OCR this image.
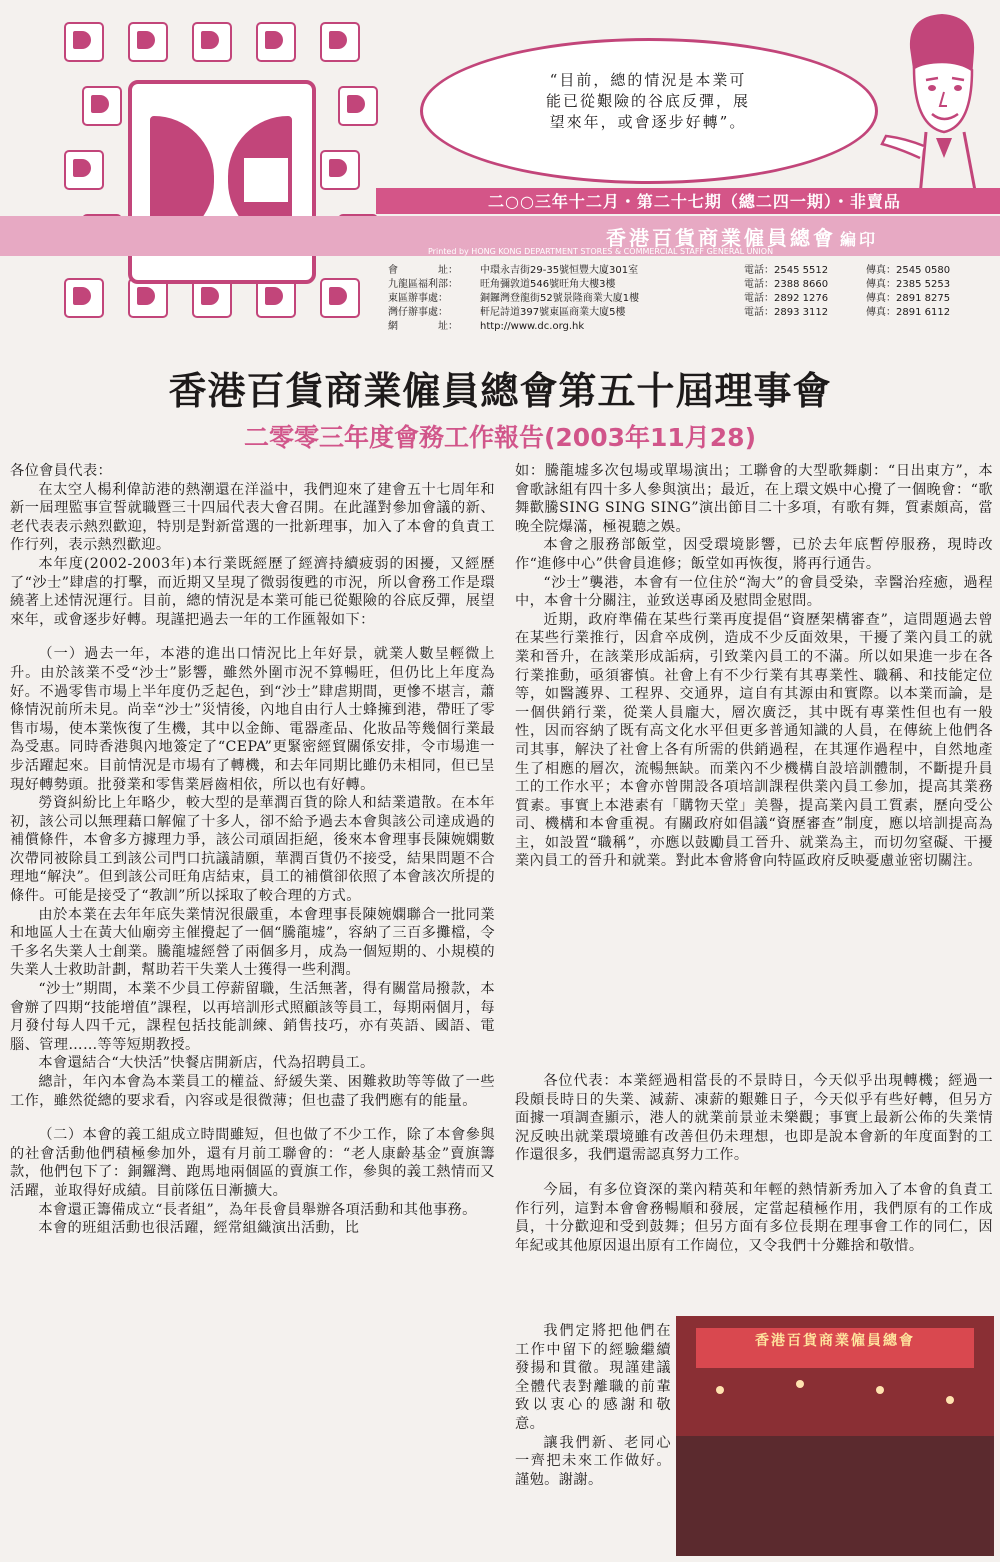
“目前，總的情況是本業可
能已從艱險的谷底反彈，展
望來年，或會逐步好轉”。
二○○三年十二月・第二十七期（總二四一期）・非賣品
香港百貨商業僱員總會 編印
Printed by HONG KONG DEPARTMENT STORES & COMMERCIAL STAFF GENERAL UNION
會　　　　址：	中環永吉街29-35號恒豐大廈301室
九龍區福利部：	旺角彌敦道546號旺角大樓3樓
東區辦事處：	銅鑼灣登龍街52號景隆商業大廈1樓
灣仔辦事處：	軒尼詩道397號東區商業大廈5樓
網　　　　址：	http://www.dc.org.hk
電話： 2545 5512	傳真： 2545 0580
電話： 2388 8660	傳真： 2385 5253
電話： 2892 1276	傳真： 2891 8275
電話： 2893 3112	傳真： 2891 6112
香港百貨商業僱員總會第五十屆理事會
二零零三年度會務工作報告(2003年11月28)

各位會員代表：

在太空人楊利偉訪港的熱潮還在洋溢中，我們迎來了建會五十七周年和新一屆理監事宣誓就職暨三十四屆代表大會召開。在此謹對參加會議的新、老代表表示熱烈歡迎，特別是對新當選的一批新理事，加入了本會的負責工作行列，表示熱烈歡迎。

本年度(2002-2003年)本行業既經歷了經濟持續疲弱的困擾，又經歷了“沙士”肆虐的打擊，而近期又呈現了微弱復甦的市況，所以會務工作是環繞著上述情況運行。目前，總的情況是本業可能已從艱險的谷底反彈，展望來年，或會逐步好轉。現謹把過去一年的工作匯報如下：

（一）過去一年，本港的進出口情況比上年好景，就業人數呈輕微上升。由於該業不受“沙士”影響，雖然外圍市況不算暢旺，但仍比上年度為好。不過零售市場上半年度仍乏起色，到“沙士”肆虐期間，更慘不堪言，蕭條情況前所未見。尚幸“沙士”災情後，內地自由行人士蜂擁到港，帶旺了零售市場，使本業恢復了生機，其中以金飾、電器產品、化妝品等幾個行業最為受惠。同時香港與內地簽定了“CEPA”更緊密經貿關係安排，令市場進一步活躍起來。目前情況是市場有了轉機，和去年同期比雖仍未相同，但已呈現好轉勢頭。批發業和零售業唇齒相依，所以也有好轉。

勞資糾紛比上年略少，較大型的是華潤百貨的除人和結業遣散。在本年初，該公司以無理藉口解僱了十多人，卻不給予過去本會與該公司達成過的補償條件，本會多方據理力爭，該公司頑固拒絕，後來本會理事長陳婉嫻數次帶同被除員工到該公司門口抗議請願，華潤百貨仍不接受，結果問題不合理地“解決”。但到該公司旺角店結束，員工的補償卻依照了本會該次所提的條件。可能是接受了“教訓”所以採取了較合理的方式。

由於本業在去年年底失業情況很嚴重，本會理事長陳婉嫻聯合一批同業和地區人士在黃大仙廟旁主催攪起了一個“騰龍墟”，容納了三百多攤檔，令千多名失業人士創業。騰龍墟經營了兩個多月，成為一個短期的、小規模的失業人士救助計劃，幫助若干失業人士獲得一些利潤。

“沙士”期間，本業不少員工停薪留職，生活無著，得有關當局撥款，本會辦了四期“技能增值”課程，以再培訓形式照顧該等員工，每期兩個月，每月發付每人四千元，課程包括技能訓練、銷售技巧，亦有英語、國語、電腦、管理……等等短期教授。

本會還結合“大快活”快餐店開新店，代為招聘員工。

總計，年內本會為本業員工的權益、紓緩失業、困難救助等等做了一些工作，雖然從總的要求看，內容或是很微薄；但也盡了我們應有的能量。

（二）本會的義工組成立時間雖短，但也做了不少工作，除了本會參與的社會活動他們積極參加外，還有月前工聯會的：“老人康齡基金”賣旗籌款，他們包下了：銅鑼灣、跑馬地兩個區的賣旗工作，參與的義工熱情而又活躍，並取得好成績。目前隊伍日漸擴大。

本會還正籌備成立“長者組”，為年長會員舉辦各項活動和其他事務。

本會的班組活動也很活躍，經常組織演出活動，比

如：騰龍墟多次包場或單場演出；工聯會的大型歌舞劇：“日出東方”，本會歌詠組有四十多人參與演出；最近，在上環文娛中心攪了一個晚會：“歌舞歡騰SING SING SING”演出節目二十多項，有歌有舞，質素頗高，當晚全院爆滿，極視聽之娛。

本會之服務部飯堂，因受環境影響，已於去年底暫停服務，現時改作“進修中心”供會員進修；飯堂如再恢復，將再行通告。

“沙士”襲港，本會有一位住於“淘大”的會員受染，幸醫治痊癒，過程中，本會十分關注，並致送專函及慰問金慰問。

近期，政府準備在某些行業再度提倡“資歷架構審查”，這問題過去曾在某些行業推行，因倉卒成例，造成不少反面效果，干擾了業內員工的就業和晉升，在該業形成詬病，引致業內員工的不滿。所以如果進一步在各行業推動，亟須審慎。社會上有不少行業有其專業性、職稱、和技能定位等，如醫護界、工程界、交通界，這自有其源由和實際。以本業而論，是一個供銷行業，從業人員龐大，層次廣泛，其中既有專業性但也有一般性，因而容納了既有高文化水平但更多普通知識的人員，在傳統上他們各司其事，解決了社會上各有所需的供銷過程，在其運作過程中，自然地產生了相應的層次，流暢無缺。而業內不少機構自設培訓體制，不斷提升員工的工作水平；本會亦曾開設各項培訓課程供業內員工參加，提高其業務質素。事實上本港素有「購物天堂」美譽，提高業內員工質素，歷向受公司、機構和本會重視。有關政府如倡議“資歷審查”制度，應以培訓提高為主，如設置“職稱”，亦應以鼓勵員工晉升、就業為主，而切勿窒礙、干擾業內員工的晉升和就業。對此本會將會向特區政府反映憂慮並密切關注。

各位代表：本業經過相當長的不景時日，今天似乎出現轉機；經過一段頗長時日的失業、減薪、凍薪的艱難日子，今天似乎有些好轉，但另方面據一項調查顯示，港人的就業前景並未樂觀；事實上最新公佈的失業情況反映出就業環境雖有改善但仍未理想，也即是說本會新的年度面對的工作還很多，我們還需認真努力工作。

今屆，有多位資深的業內精英和年輕的熱情新秀加入了本會的負責工作行列，這對本會會務暢順和發展，定當起積極作用，我們原有的工作成員，十分歡迎和受到鼓舞；但另方面有多位長期在理事會工作的同仁，因年紀或其他原因退出原有工作崗位，又令我們十分難捨和敬惜。

我們定將把他們在工作中留下的經驗繼續發揚和貫徹。現謹建議全體代表對離職的前輩致以衷心的感謝和敬意。

讓我們新、老同心一齊把未來工作做好。謹勉。謝謝。

香港百貨商業僱員總會
